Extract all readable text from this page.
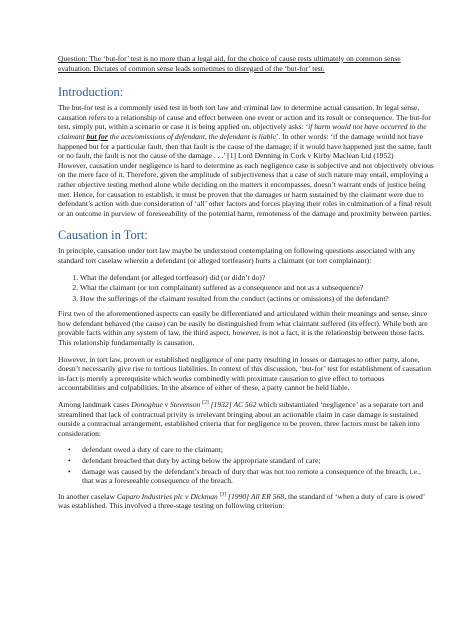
Question: The ‘but-for’ test is no more than a legal aid, for the choice of cause rests ultimately on common sense evaluation. Dictates of common sense leads sometimes to disregard of the ‘but-for’ test.

Introduction:

The but-for test is a commonly used test in both tort law and criminal law to determine actual causation. In legal sense, causation refers to a relationship of cause and effect between one event or action and its result or consequence. The but-for test, simply put, within a scenario or case it is being applied on, objectively asks: ‘if harm would not have occurred to the claimant but for the acts/omissions of defendant, the defendant is liable’. In other words: ‘if the damage would not have happened but for a particular fault, then that fault is the cause of the damage; if it would have happened just the same, fault or no fault, the fault is not the cause of the damage . . .’ [1] Lord Denning in Cork v Kirby Maclean Ltd (1952)

However, causation under negligence is hard to determine as each negligence case is subjective and not objectively obvious on the mere face of it. Therefore, given the amplitude of subjectiveness that a case of such nature may entail, employing a rather objective testing method alone while deciding on the matters it encompasses, doesn’t warrant ends of justice being met. Hence, for causation to establish, it must be proven that the damages or harm sustained by the claimant were due to defendant’s action with due consideration of ‘all’ other factors and forces playing their roles in culmination of a final result or an outcome in purview of foreseeability of the potential harm, remoteness of the damage and proximity between parties.

Causation in Tort:

In principle, causation under tort law maybe be understood contemplating on following questions associated with any standard tort caselaw wherein a defendant (or alleged tortfeasor) hurts a claimant (or tort complainant):

1. What the defendant (or alleged tortfeasor) did (or didn’t do)?
2. What the claimant (or tort complainant) suffered as a consequence and not as a subsequence?
3. How the sufferings of the claimant resulted from the conduct (actions or omissions) of the defendant?

First two of the aforementioned aspects can easily be differentiated and articulated within their meanings and sense, since how defendant behaved (the cause) can be easily be distinguished from what claimant suffered (its effect). While both are provable facts within any system of law, the third aspect, however, is not a fact, it is the relationship between those facts. This relationship fundamentally is causation.

However, in tort law, proven or established negligence of one party resulting in losses or damages to other party, alone, doesn’t necessarily give rise to tortious liabilities. In context of this discussion, ‘but-for’ test for establishment of causation in-fact is merely a prerequisite which works combinedly with proximate causation to give effect to tortuous accountabilities and culpabilities. In the absence of either of these, a party cannot be held liable.

Among landmark cases Donoghue v Stevenson [2] [1932] AC 562 which substantiated ‘negligence’ as a separate tort and streamlined that lack of contractual privity is irrelevant bringing about an actionable claim in case damage is sustained outside a contractual arrangement, established criteria that for negligence to be proven, three factors must be taken into consideration:

• defendant owed a duty of care to the claimant;
• defendant breached that duty by acting below the appropriate standard of care;
• damage was caused by the defendant’s breach of duty that was not too remote a consequence of the breach, i.e., that was a foreseeable consequence of the breach.

In another caselaw Caparo Industries plc v Dickman [3] [1990] All ER 568, the standard of ‘when a duty of care is owed’ was established. This involved a three-stage testing on following criterion:
